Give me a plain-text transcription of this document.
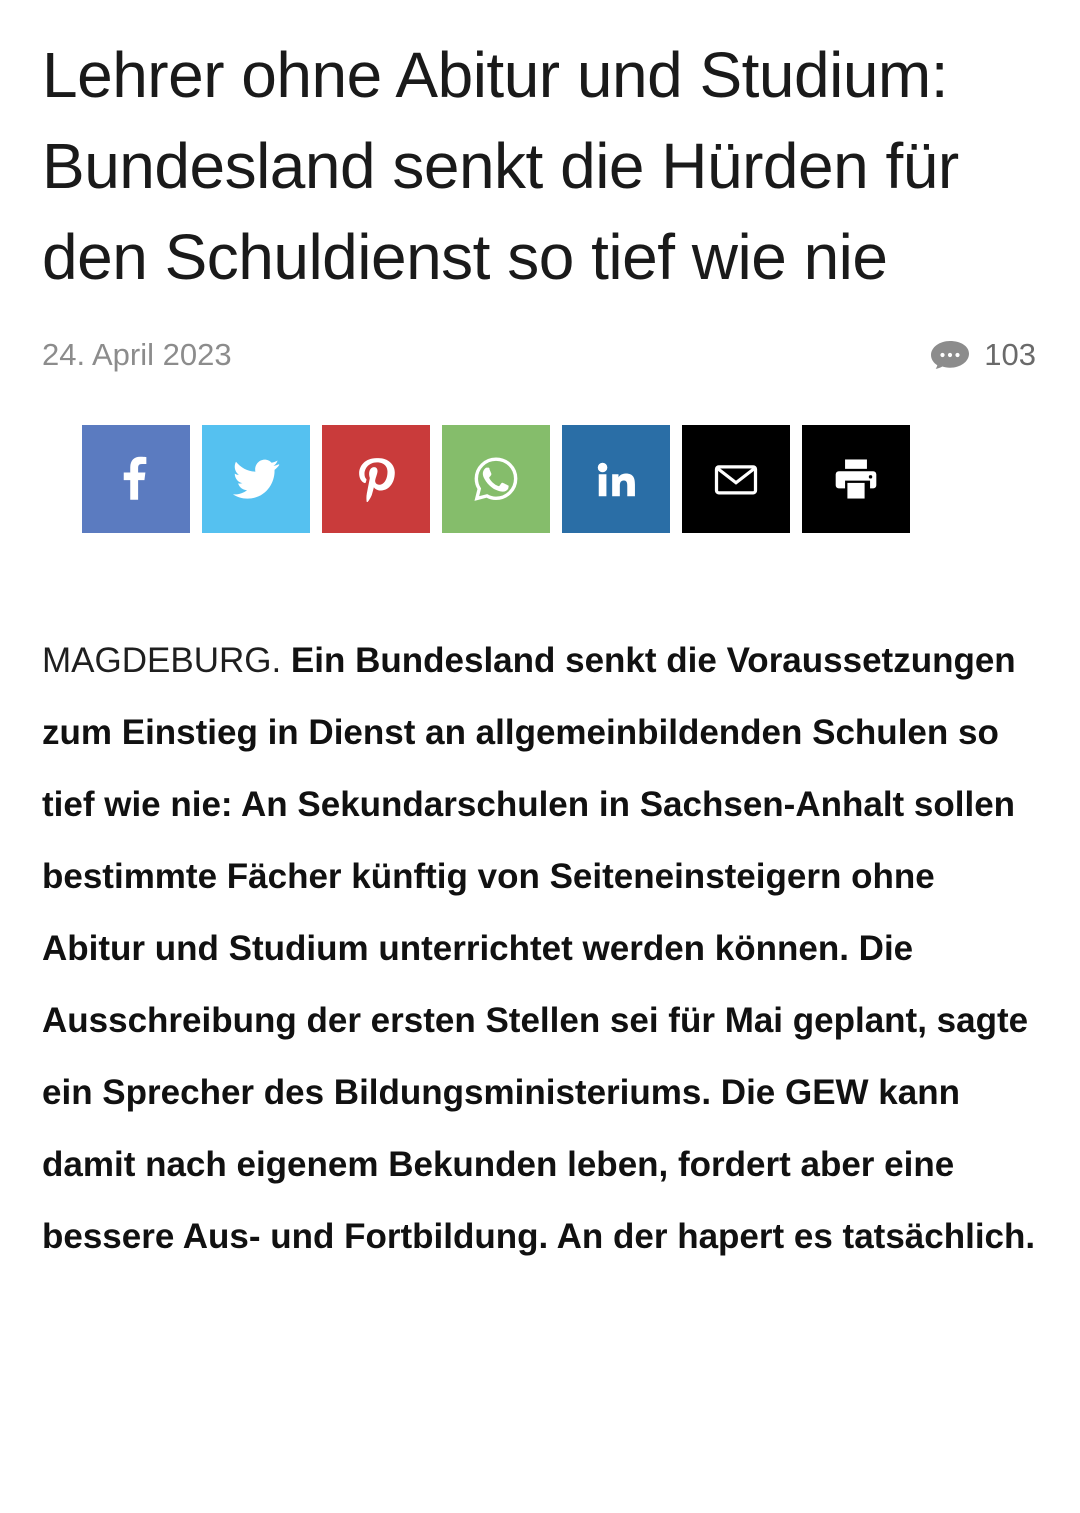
Lehrer ohne Abitur und Studium: Bundesland senkt die Hürden für den Schuldienst so tief wie nie
24. April 2023	103
MAGDEBURG. Ein Bundesland senkt die Voraussetzungen zum Einstieg in Dienst an allgemeinbildenden Schulen so tief wie nie: An Sekundarschulen in Sachsen-Anhalt sollen bestimmte Fächer künftig von Seiteneinsteigern ohne Abitur und Studium unterrichtet werden können. Die Ausschreibung der ersten Stellen sei für Mai geplant, sagte ein Sprecher des Bildungsministeriums. Die GEW kann damit nach eigenem Bekunden leben, fordert aber eine bessere Aus- und Fortbildung. An der hapert es tatsächlich.
